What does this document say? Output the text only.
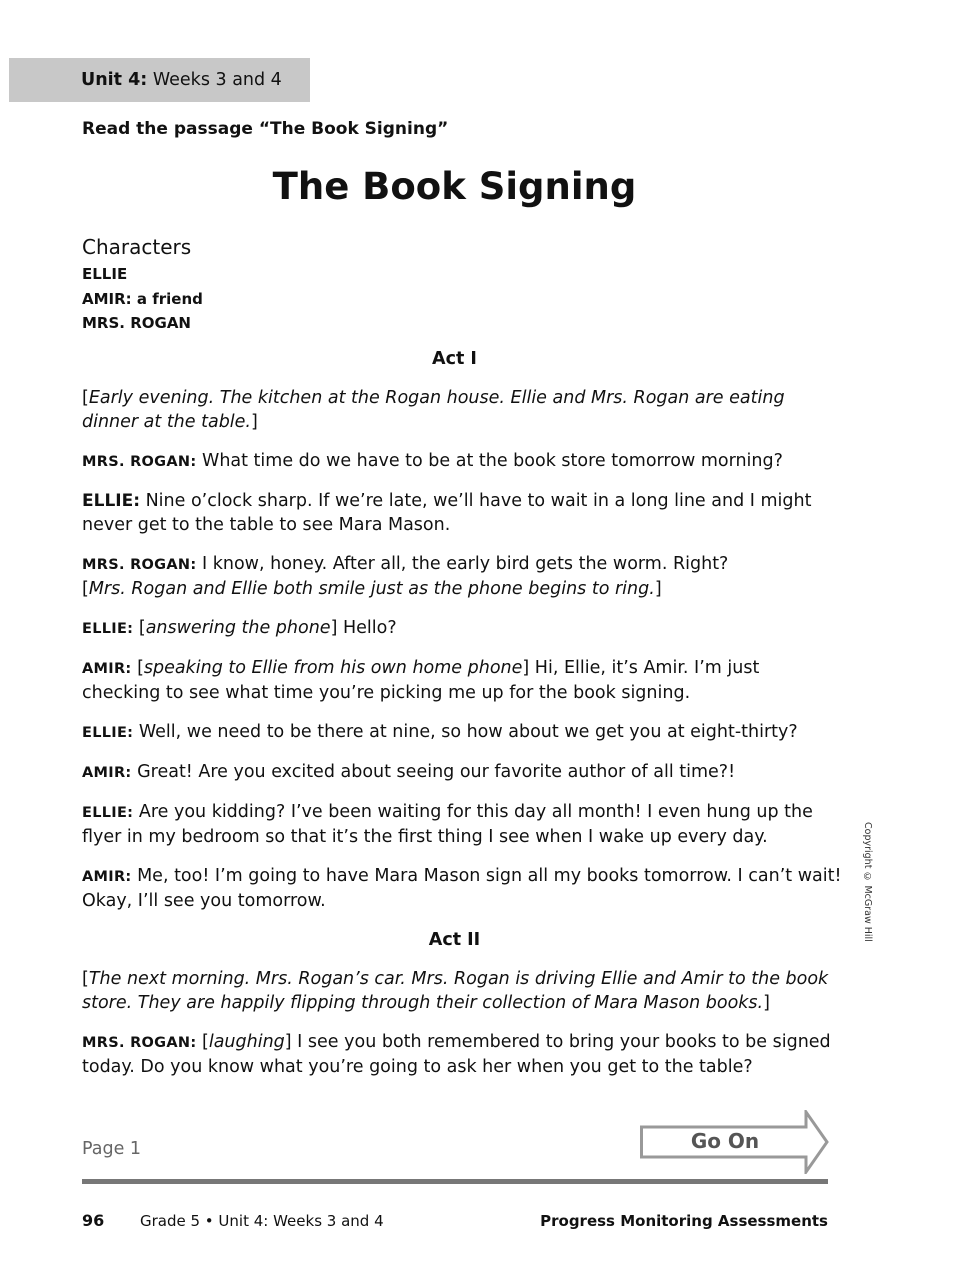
Unit 4: Weeks 3 and 4
Read the passage “The Book Signing”
The Book Signing
Characters
ELLIE
AMIR: a friend
MRS. ROGAN
Act I

[Early evening. The kitchen at the Rogan house. Ellie and Mrs. Rogan are eating dinner at the table.]

MRS. ROGAN: What time do we have to be at the book store tomorrow morning?

ELLIE: Nine o’clock sharp. If we’re late, we’ll have to wait in a long line and I might never get to the table to see Mara Mason.

MRS. ROGAN: I know, honey. After all, the early bird gets the worm. Right?
[Mrs. Rogan and Ellie both smile just as the phone begins to ring.]

ELLIE: [answering the phone] Hello?

AMIR: [speaking to Ellie from his own home phone] Hi, Ellie, it’s Amir. I’m just checking to see what time you’re picking me up for the book signing.

ELLIE: Well, we need to be there at nine, so how about we get you at eight-thirty?

AMIR: Great! Are you excited about seeing our favorite author of all time?!

ELLIE: Are you kidding? I’ve been waiting for this day all month! I even hung up the flyer in my bedroom so that it’s the first thing I see when I wake up every day.

AMIR: Me, too! I’m going to have Mara Mason sign all my books tomorrow. I can’t wait! Okay, I’ll see you tomorrow.

Act II

[The next morning. Mrs. Rogan’s car. Mrs. Rogan is driving Ellie and Amir to the book store. They are happily flipping through their collection of Mara Mason books.]

MRS. ROGAN: [laughing] I see you both remembered to bring your books to be signed today. Do you know what you’re going to ask her when you get to the table?

Page 1	Go On
96 Grade 5 • Unit 4: Weeks 3 and 4	Progress Monitoring Assessments
Copyright © McGraw Hill
